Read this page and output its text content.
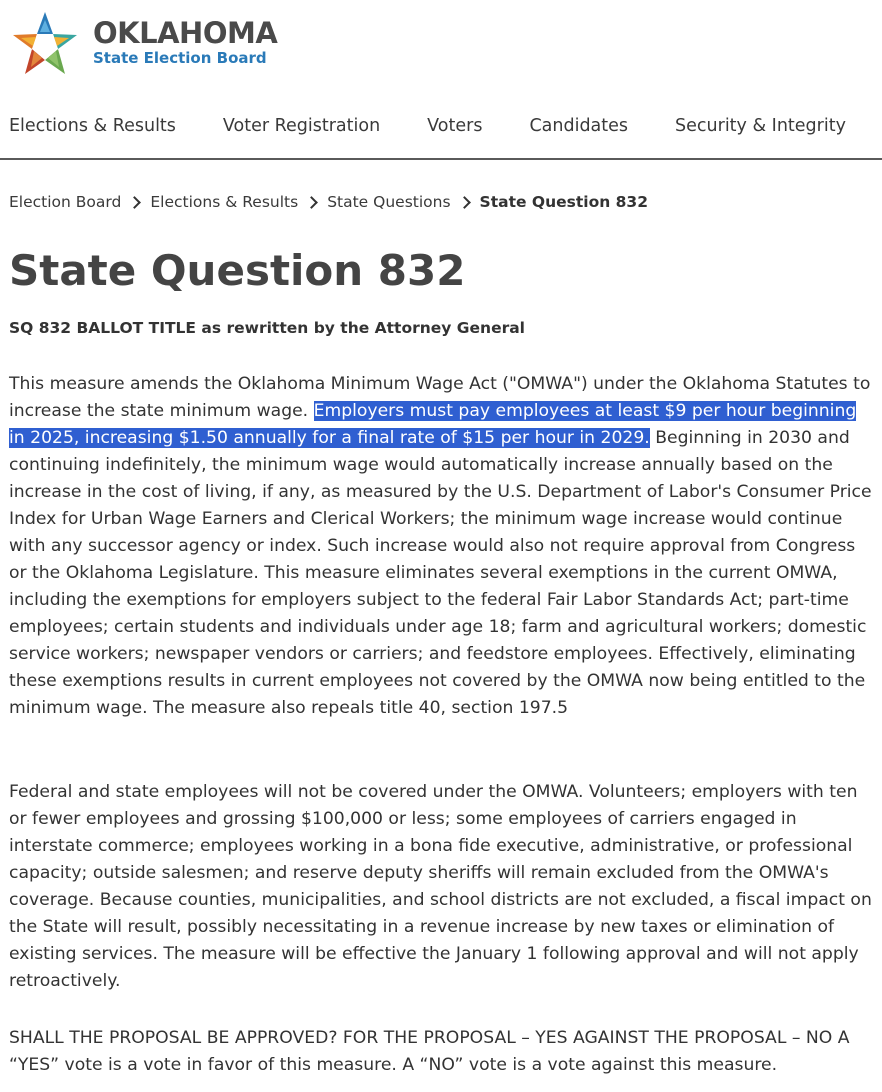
OKLAHOMA
State Election Board
Elections & Results	Voter Registration	Voters	Candidates	Security & Integrity
Election Board Elections & Results State Questions State Question 832
State Question 832
SQ 832 BALLOT TITLE as rewritten by the Attorney General

This measure amends the Oklahoma Minimum Wage Act ("OMWA") under the Oklahoma Statutes to increase the state minimum wage. Employers must pay employees at least $9 per hour beginning in 2025, increasing $1.50 annually for a final rate of $15 per hour in 2029. Beginning in 2030 and continuing indefinitely, the minimum wage would automatically increase annually based on the increase in the cost of living, if any, as measured by the U.S. Department of Labor's Consumer Price Index for Urban Wage Earners and Clerical Workers; the minimum wage increase would continue with any successor agency or index. Such increase would also not require approval from Congress or the Oklahoma Legislature. This measure eliminates several exemptions in the current OMWA, including the exemptions for employers subject to the federal Fair Labor Standards Act; part-time employees; certain students and individuals under age 18; farm and agricultural workers; domestic service workers; newspaper vendors or carriers; and feedstore employees. Effectively, eliminating these exemptions results in current employees not covered by the OMWA now being entitled to the minimum wage. The measure also repeals title 40, section 197.5

Federal and state employees will not be covered under the OMWA. Volunteers; employers with ten or fewer employees and grossing $100,000 or less; some employees of carriers engaged in interstate commerce; employees working in a bona fide executive, administrative, or professional capacity; outside salesmen; and reserve deputy sheriffs will remain excluded from the OMWA's coverage. Because counties, municipalities, and school districts are not excluded, a fiscal impact on the State will result, possibly necessitating in a revenue increase by new taxes or elimination of existing services. The measure will be effective the January 1 following approval and will not apply retroactively.

SHALL THE PROPOSAL BE APPROVED? FOR THE PROPOSAL – YES AGAINST THE PROPOSAL – NO A “YES” vote is a vote in favor of this measure. A “NO” vote is a vote against this measure.
